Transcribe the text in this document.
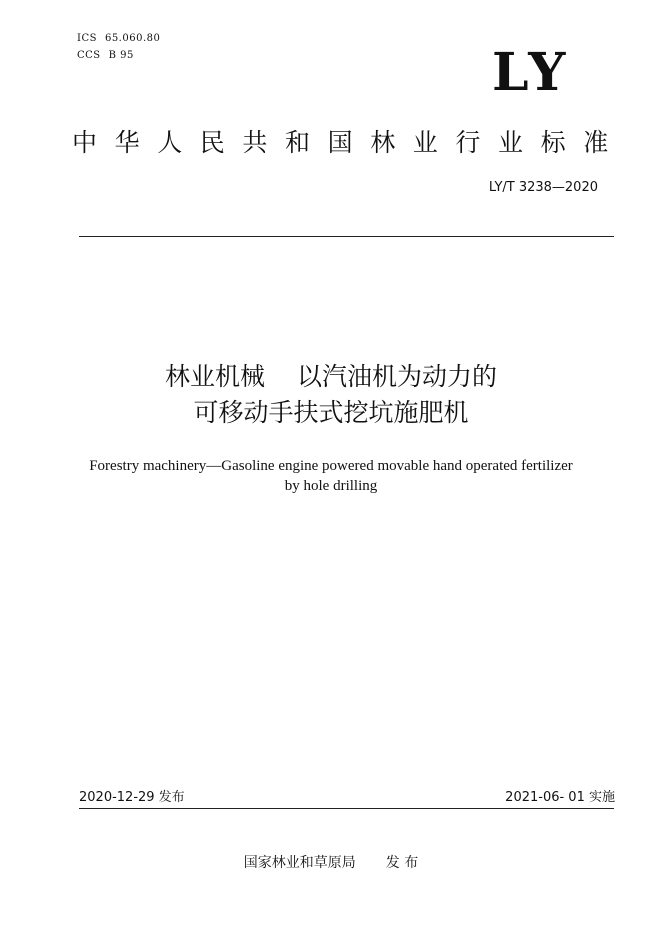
ICS 65.060.80
CCS B 95	LY
中华人民共和国林业行业标准
LY/T 3238—2020
林业机械 以汽油机为动力的
可移动手扶式挖坑施肥机
Forestry machinery—Gasoline engine powered movable hand operated fertilizer
by hole drilling
2020-12-29 发布	2021-06- 01 实施
国家林业和草原局 发 布
